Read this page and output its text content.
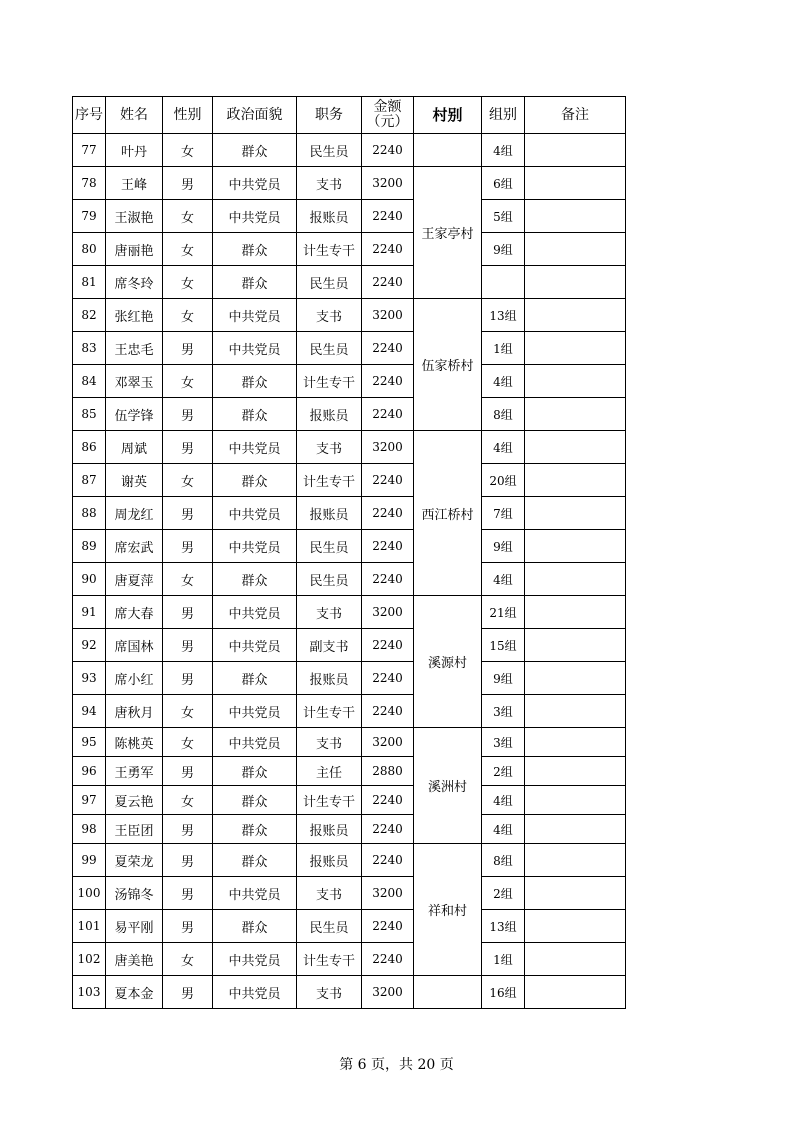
序号	姓名	性别	政治面貌	职务	金额（元）	村别	组别	备注
77	叶丹	女	群众	民生员	2240		4组	
78	王峰	男	中共党员	支书	3200	王家亭村	6组	
79	王淑艳	女	中共党员	报账员	2240		5组	
80	唐丽艳	女	群众	计生专干	2240		9组	
81	席冬玲	女	群众	民生员	2240			
82	张红艳	女	中共党员	支书	3200	伍家桥村	13组	
83	王忠毛	男	中共党员	民生员	2240		1组	
84	邓翠玉	女	群众	计生专干	2240		4组	
85	伍学锋	男	群众	报账员	2240		8组	
86	周斌	男	中共党员	支书	3200	西江桥村	4组	
87	谢英	女	群众	计生专干	2240		20组	
88	周龙红	男	中共党员	报账员	2240		7组	
89	席宏武	男	中共党员	民生员	2240		9组	
90	唐夏萍	女	群众	民生员	2240		4组	
91	席大春	男	中共党员	支书	3200	溪源村	21组	
92	席国林	男	中共党员	副支书	2240		15组	
93	席小红	男	群众	报账员	2240		9组	
94	唐秋月	女	中共党员	计生专干	2240		3组	
95	陈桃英	女	中共党员	支书	3200	溪洲村	3组	
96	王勇军	男	群众	主任	2880		2组	
97	夏云艳	女	群众	计生专干	2240		4组	
98	王臣团	男	群众	报账员	2240		4组	
99	夏荣龙	男	群众	报账员	2240	祥和村	8组	
100	汤锦冬	男	中共党员	支书	3200		2组	
101	易平刚	男	群众	民生员	2240		13组	
102	唐美艳	女	中共党员	计生专干	2240		1组	
103	夏本金	男	中共党员	支书	3200		16组	
第 6 页，共 20 页
